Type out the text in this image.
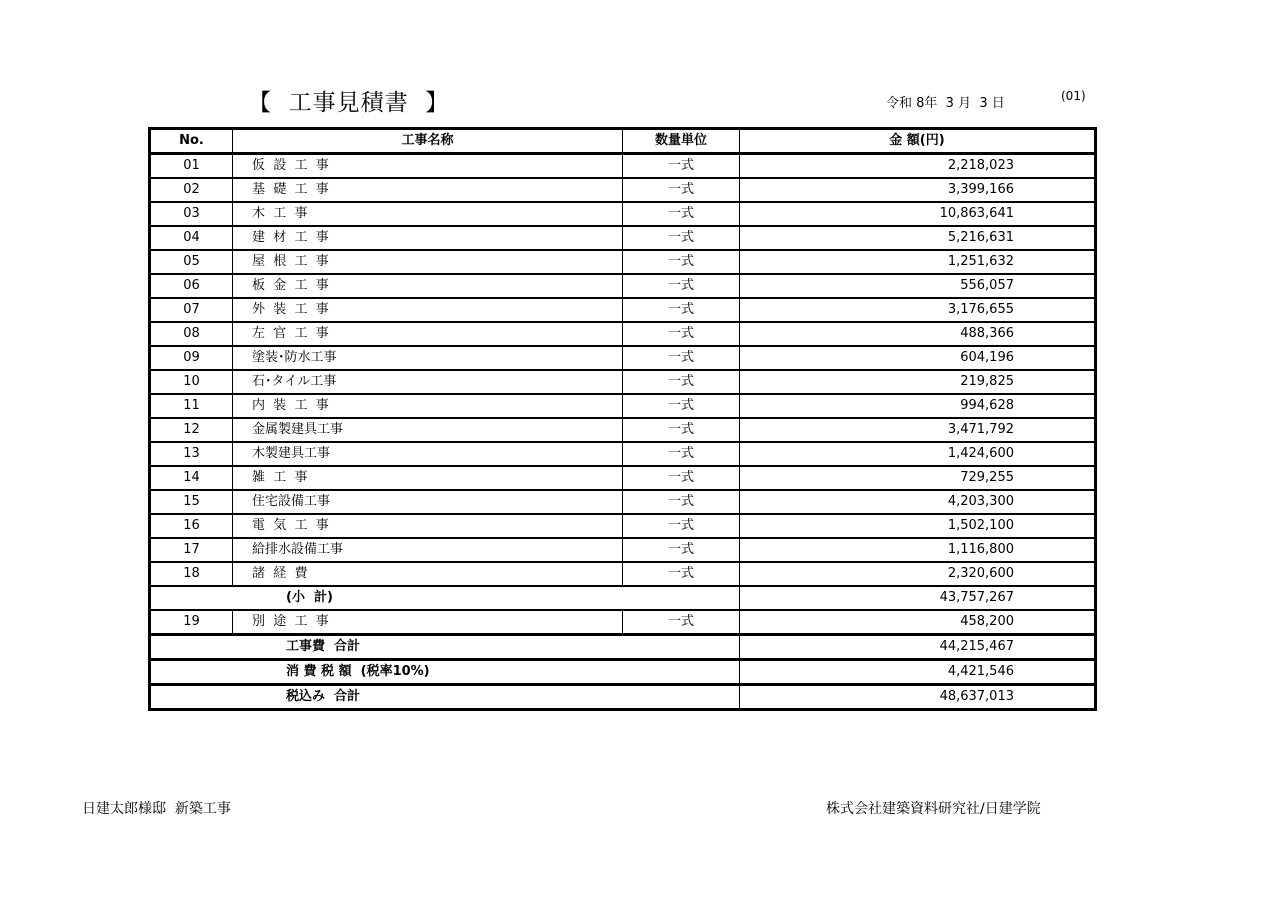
【  工事見積書  】	令和 8年  3 月  3 日	(01)
No.	工事名称	数量単位	金 額(円)
01	仮  設  工  事	一式	2,218,023
02	基  礎  工  事	一式	3,399,166
03	木  工  事	一式	10,863,641
04	建  材  工  事	一式	5,216,631
05	屋  根  工  事	一式	1,251,632
06	板  金  工  事	一式	556,057
07	外  装  工  事	一式	3,176,655
08	左  官  工  事	一式	488,366
09	塗装･防水工事	一式	604,196
10	石･タイル工事	一式	219,825
11	内  装  工  事	一式	994,628
12	金属製建具工事	一式	3,471,792
13	木製建具工事	一式	1,424,600
14	雑  工  事	一式	729,255
15	住宅設備工事	一式	4,203,300
16	電  気  工  事	一式	1,502,100
17	給排水設備工事	一式	1,116,800
18	諸  経  費	一式	2,320,600
(小  計)			43,757,267
19	別  途  工  事	一式	458,200
工事費  合計			44,215,467
消 費 税 額  (税率10%)			4,421,546
税込み  合計			48,637,013
日建太郎様邸  新築工事	株式会社建築資料研究社/日建学院
